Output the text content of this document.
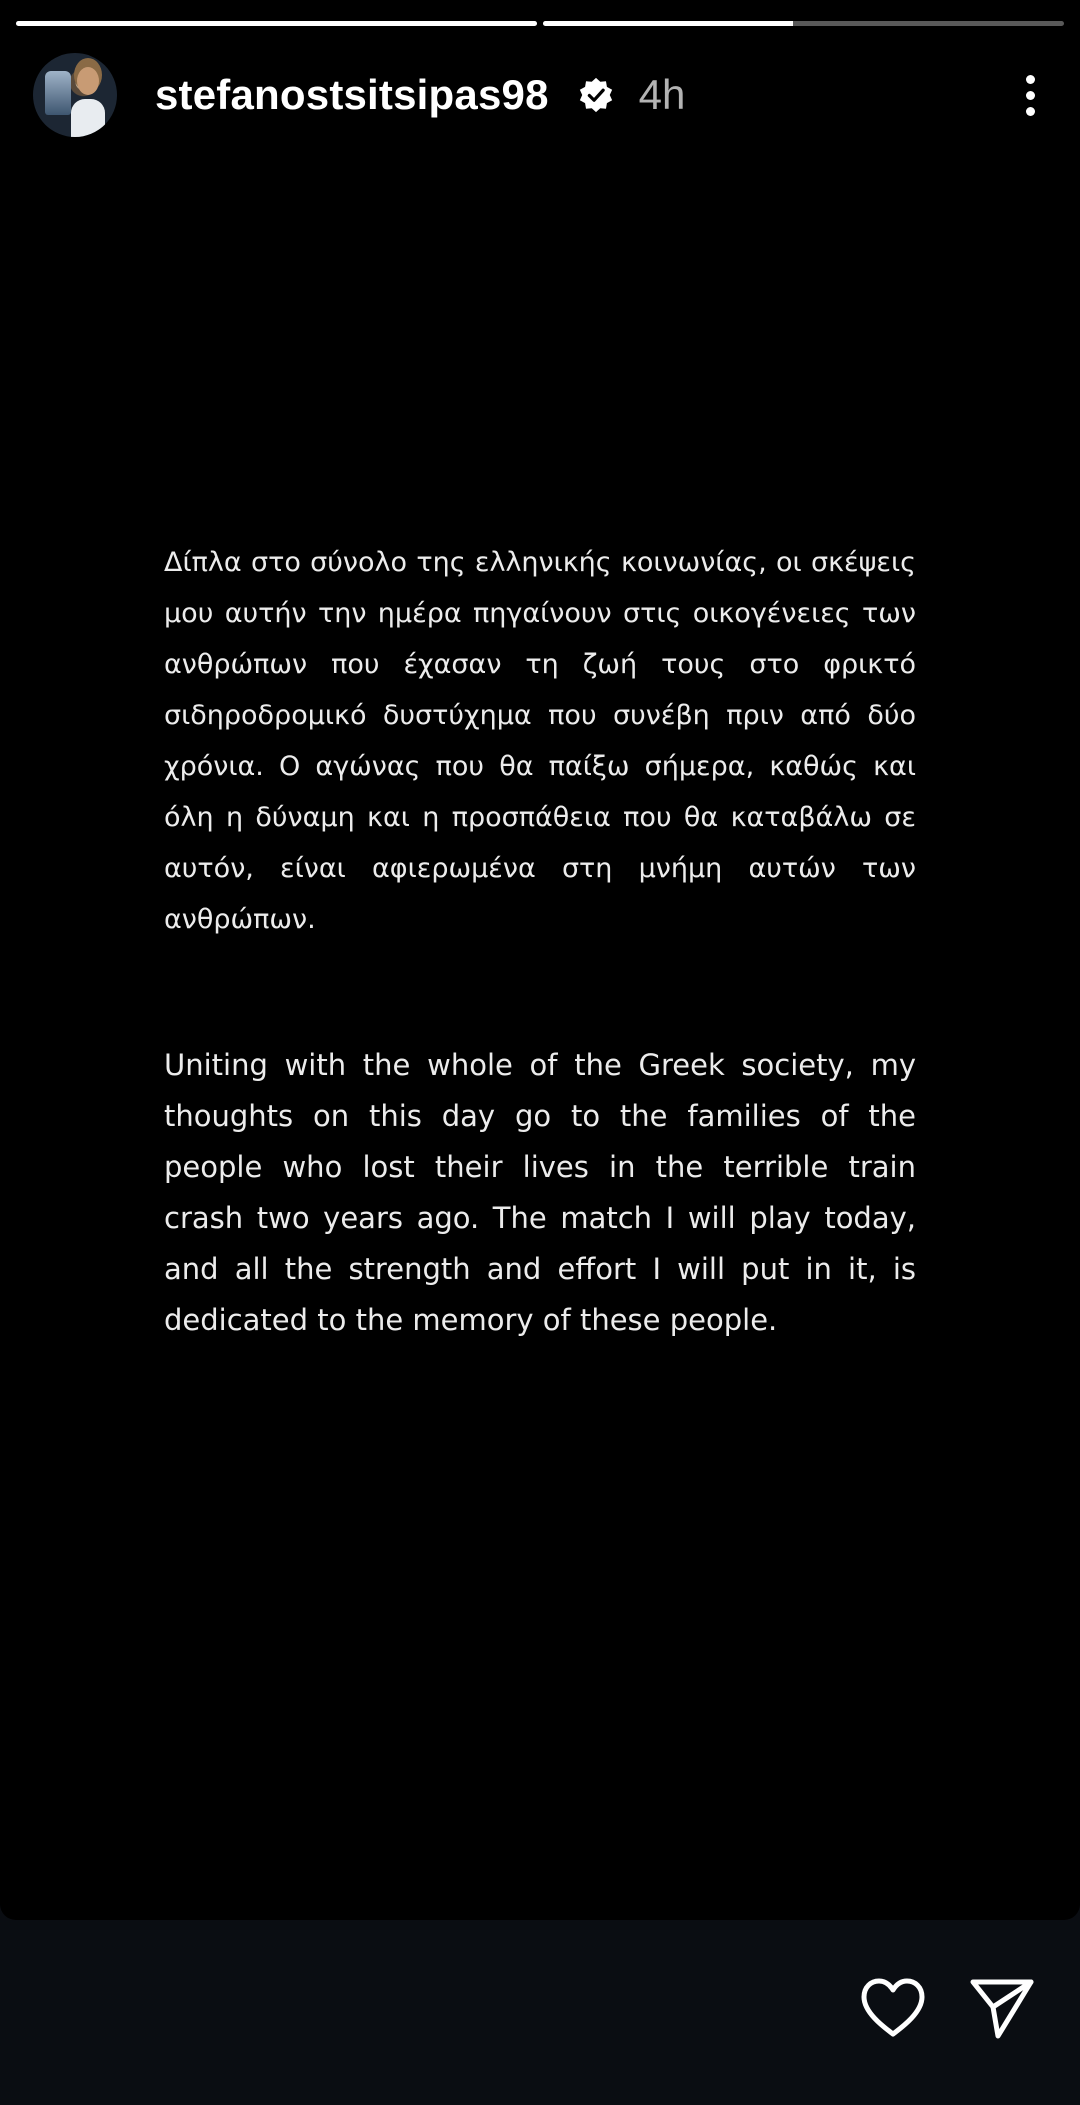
stefanostsitsipas98 4h
Δίπλα στο σύνολο της ελληνικής κοινωνίας, οι σκέψεις μου αυτήν την ημέρα πηγαίνουν στις οικογένειες των ανθρώπων που έχασαν τη ζωή τους στο φρικτό σιδηροδρομικό δυστύχημα που συνέβη πριν από δύο χρόνια. Ο αγώνας που θα παίξω σήμερα, καθώς και όλη η δύναμη και η προσπάθεια που θα καταβάλω σε αυτόν, είναι αφιερωμένα στη μνήμη αυτών των ανθρώπων.
Uniting with the whole of the Greek society, my thoughts on this day go to the families of the people who lost their lives in the terrible train crash two years ago. The match I will play today, and all the strength and effort I will put in it, is dedicated to the memory of these people.
